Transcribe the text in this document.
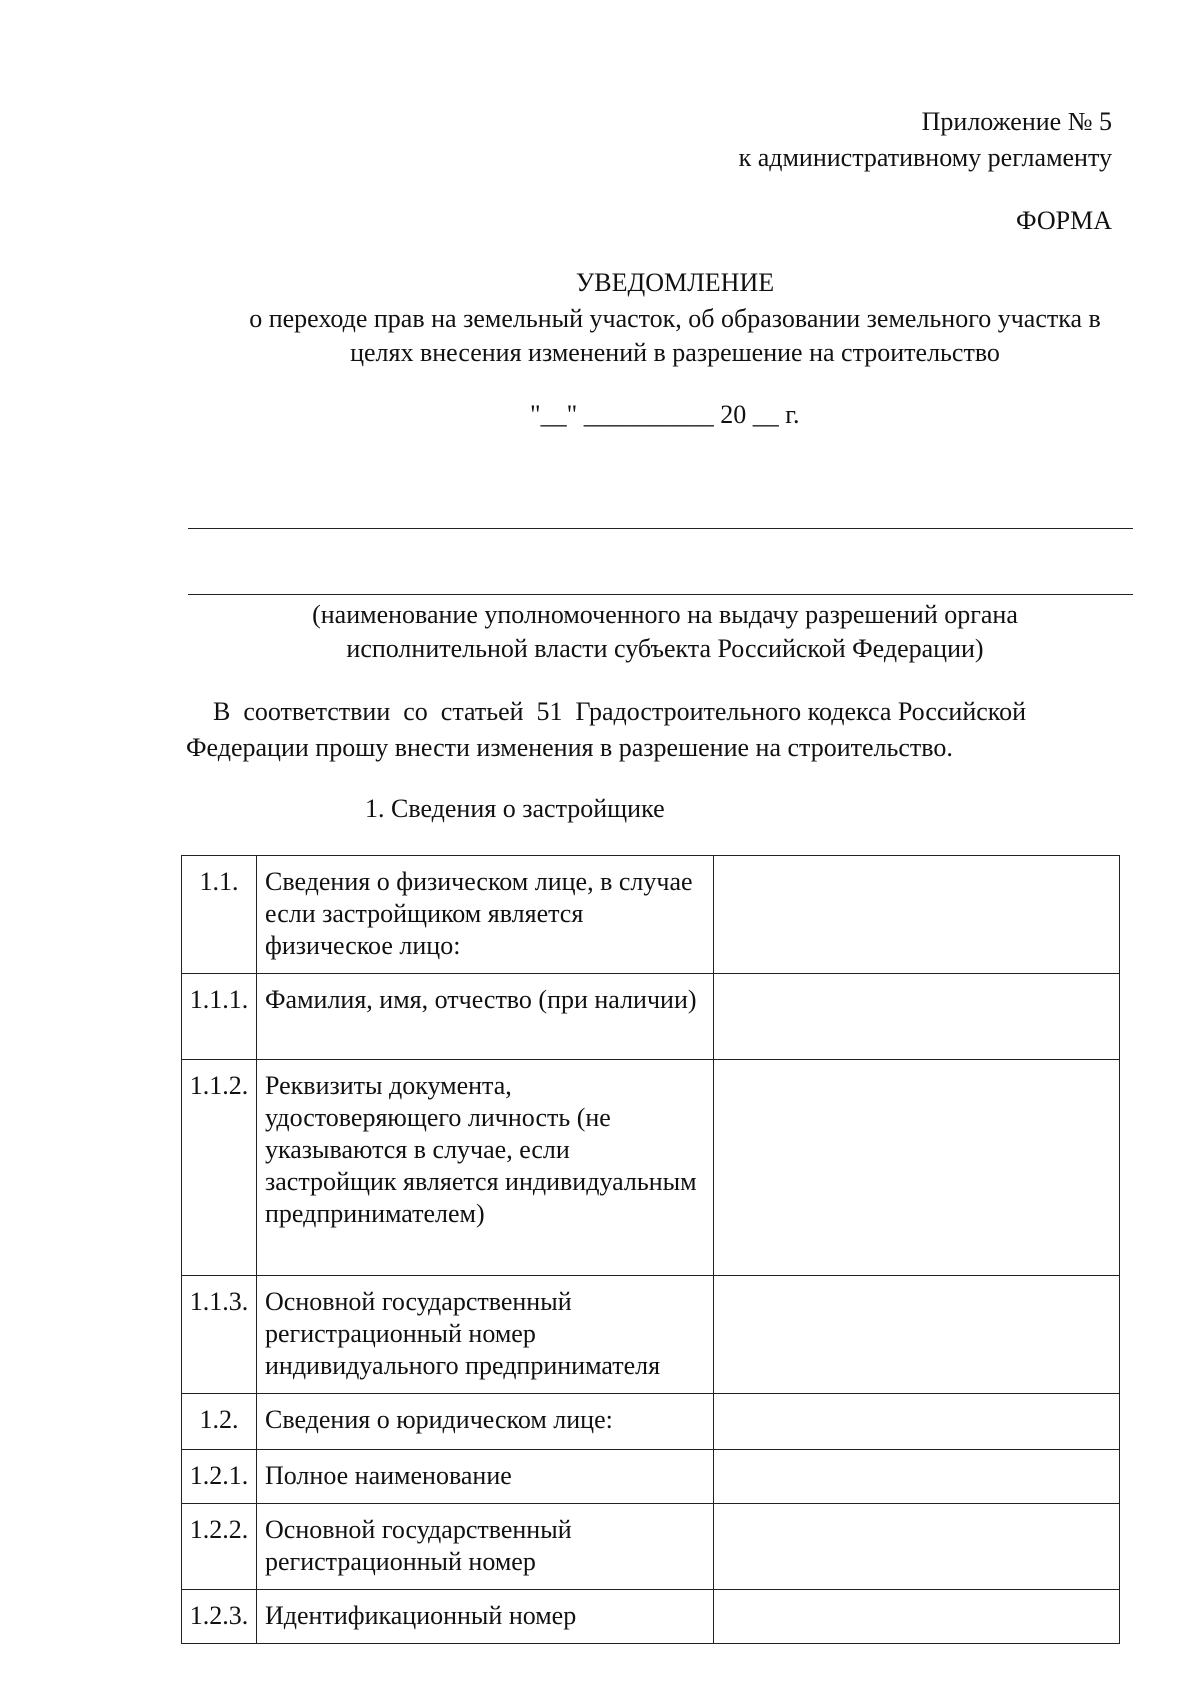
Приложение № 5
к административному регламенту
ФОРМА
УВЕДОМЛЕНИЕ
о переходе прав на земельный участок, об образовании земельного участка в
целях внесения изменений в разрешение на строительство
"__" __________ 20 __ г.
(наименование уполномоченного на выдачу разрешений органа
исполнительной власти субъекта Российской Федерации)
В  соответствии  со  статьей  51  Градостроительного кодекса Российской
Федерации прошу внести изменения в разрешение на строительство.
1. Сведения о застройщике
1.1.	Сведения о физическом лице, в случае если застройщиком является физическое лицо:	
1.1.1.	Фамилия, имя, отчество (при наличии)	
1.1.2.	Реквизиты документа, удостоверяющего личность (не указываются в случае, если застройщик является индивидуальным предпринимателем)	
1.1.3.	Основной государственный регистрационный номер индивидуального предпринимателя	
1.2.	Сведения о юридическом лице:	
1.2.1.	Полное наименование	
1.2.2.	Основной государственный регистрационный номер	
1.2.3.	Идентификационный номер	
